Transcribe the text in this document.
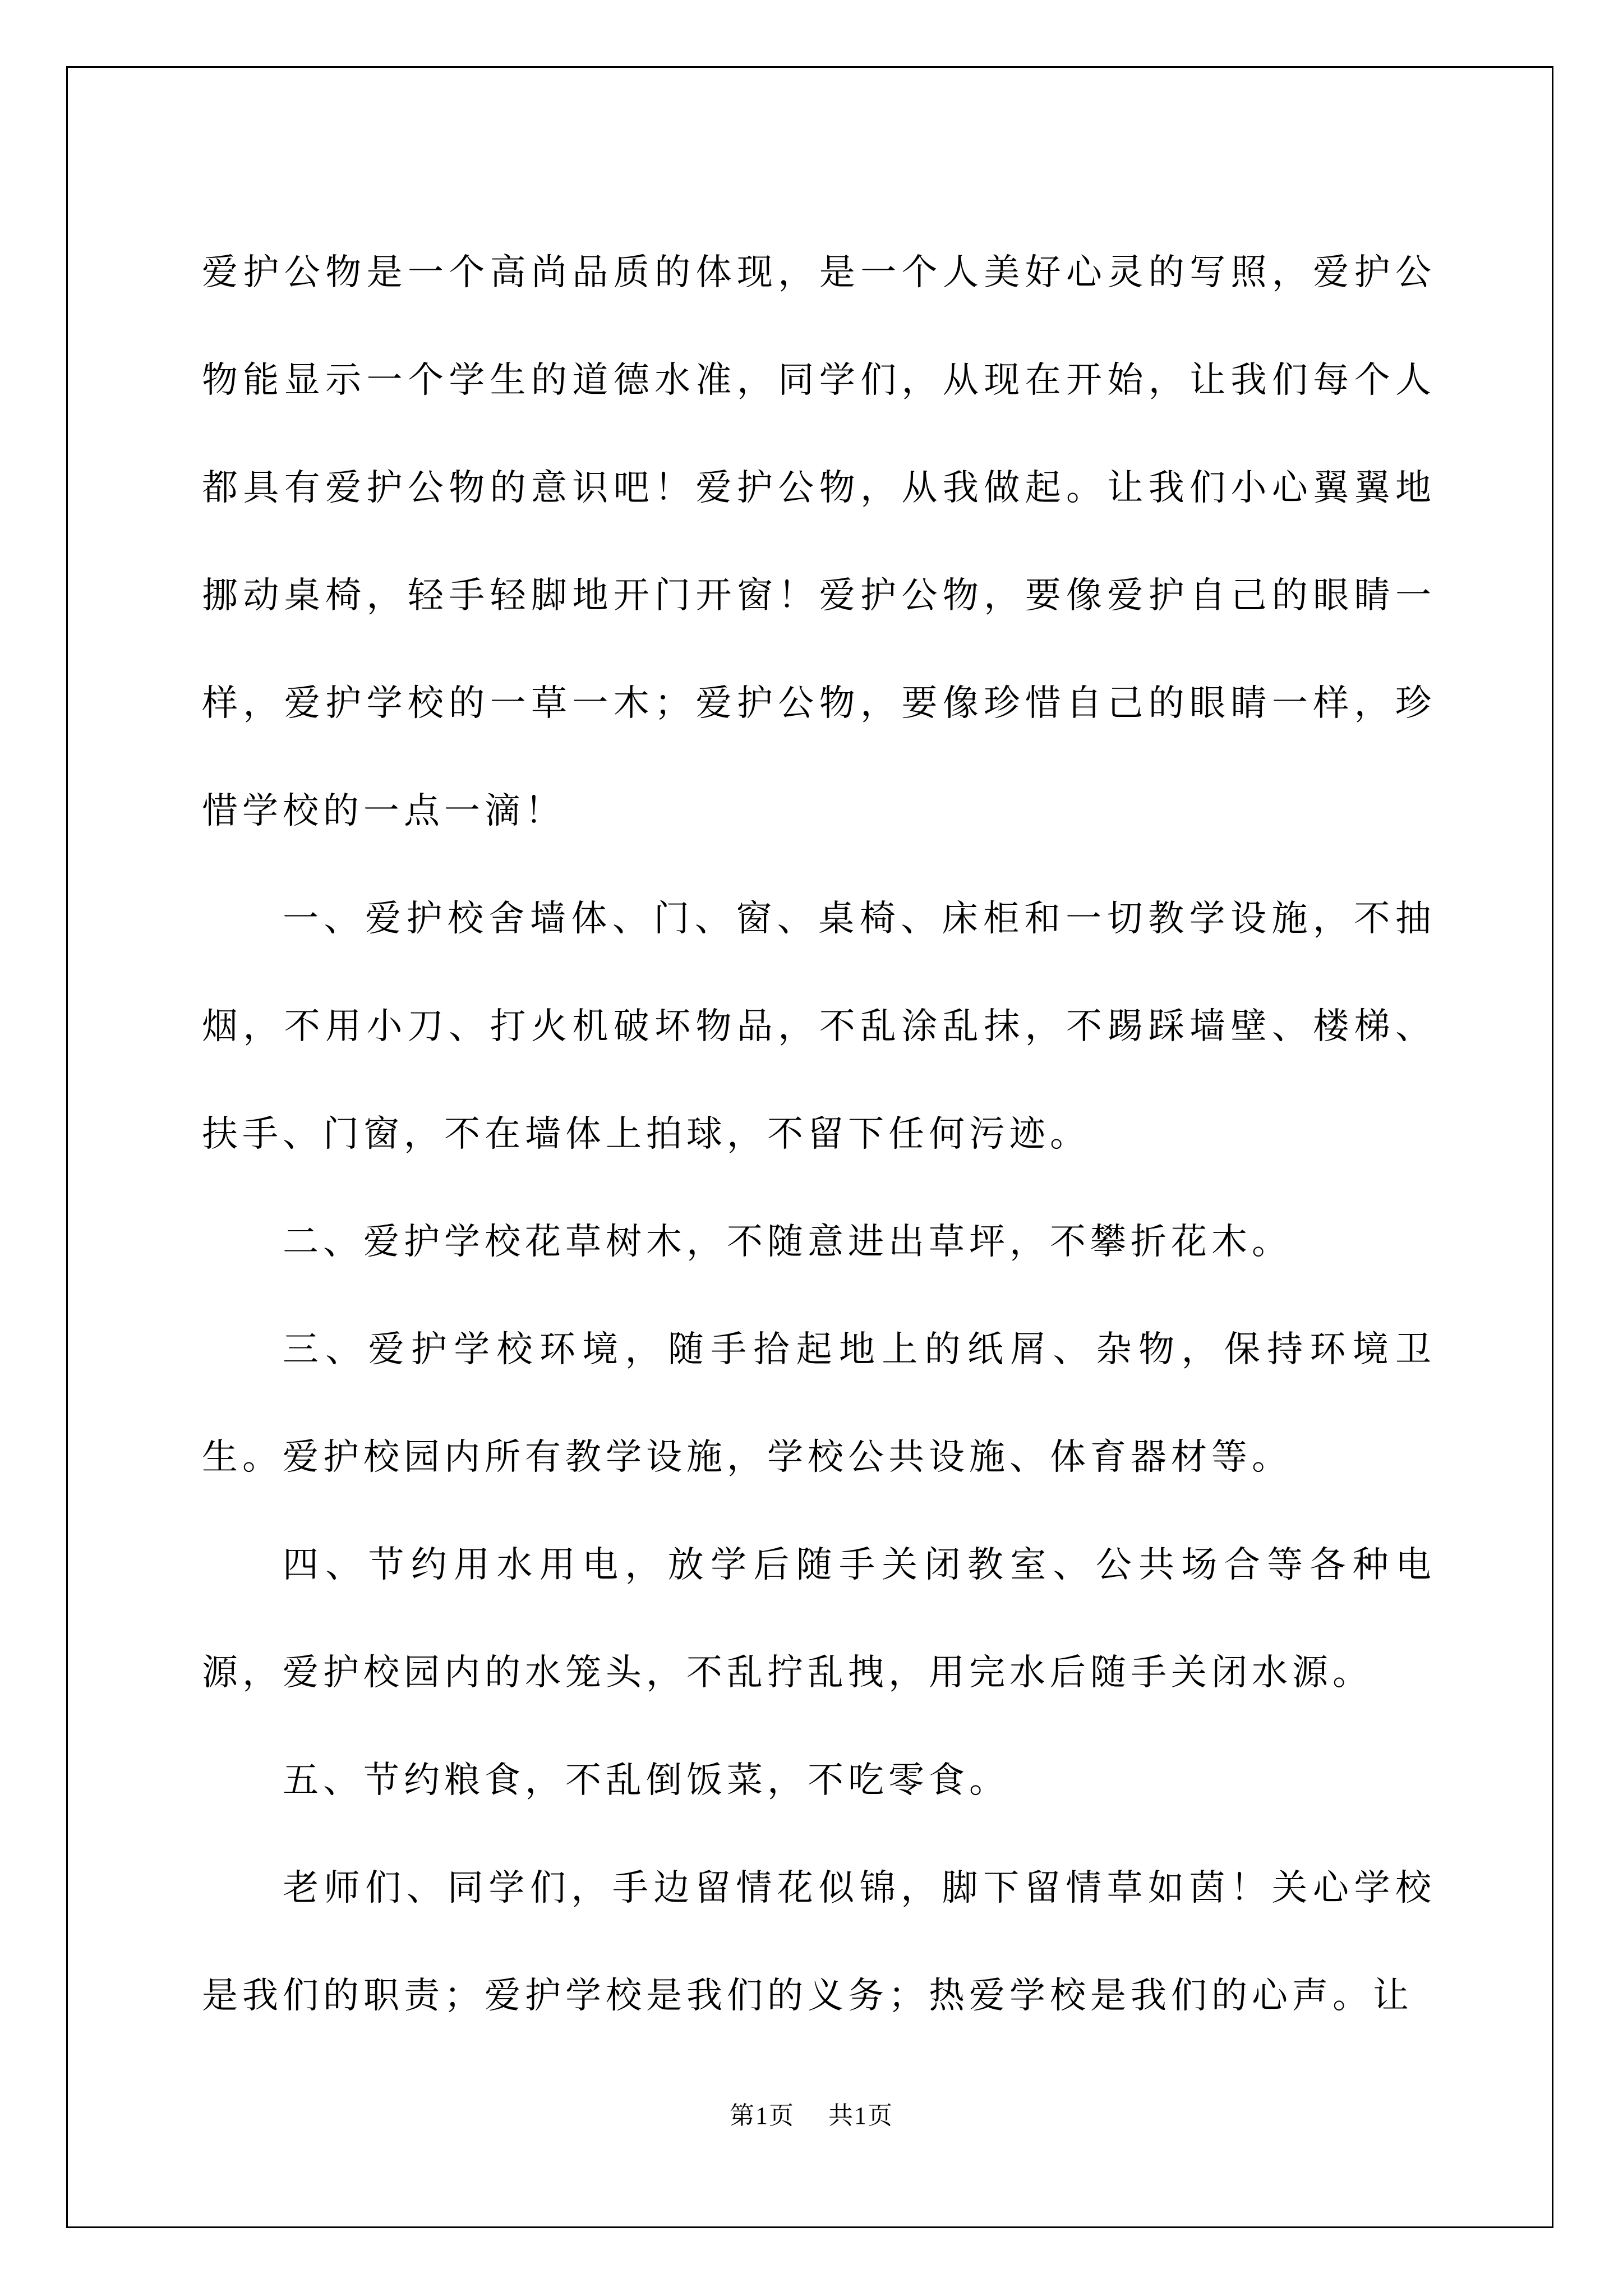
爱护公物是一个高尚品质的体现，是一个人美好心灵的写照，爱护公物能显示一个学生的道德水准，同学们，从现在开始，让我们每个人都具有爱护公物的意识吧！爱护公物，从我做起。让我们小心翼翼地挪动桌椅，轻手轻脚地开门开窗！爱护公物，要像爱护自己的眼睛一样，爱护学校的一草一木；爱护公物，要像珍惜自己的眼睛一样，珍惜学校的一点一滴！

一、爱护校舍墙体、门、窗、桌椅、床柜和一切教学设施，不抽烟，不用小刀、打火机破坏物品，不乱涂乱抹，不踢踩墙壁、楼梯、扶手、门窗，不在墙体上拍球，不留下任何污迹。

二、爱护学校花草树木，不随意进出草坪，不攀折花木。

三、爱护学校环境，随手拾起地上的纸屑、杂物，保持环境卫生。爱护校园内所有教学设施，学校公共设施、体育器材等。

四、节约用水用电，放学后随手关闭教室、公共场合等各种电源，爱护校园内的水笼头，不乱拧乱拽，用完水后随手关闭水源。

五、节约粮食，不乱倒饭菜，不吃零食。

老师们、同学们，手边留情花似锦，脚下留情草如茵！关心学校是我们的职责；爱护学校是我们的义务；热爱学校是我们的心声。让

第1页 共1页
